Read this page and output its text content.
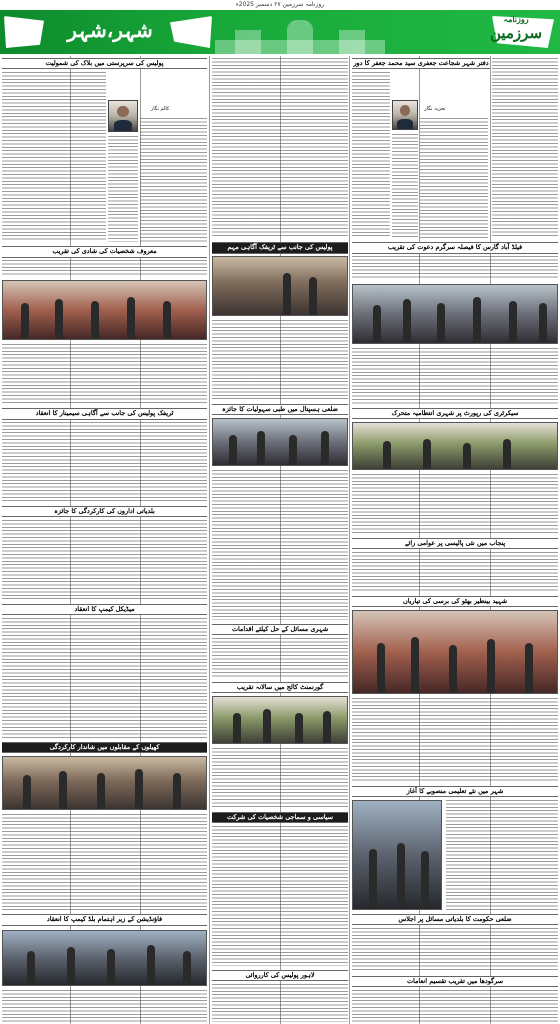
روزنامہ سرزمین ۲۷ دسمبر 2025ء
روزنامہ
سرزمین
شہر،شہر
دفتر شہر شجاعت جعفری سید محمد جعفر کا دور
تجزیہ نگار
فیلڈ آباد گارس کا فیصلہ سرگرم دعوت کی تقریب
سیکرٹری کی رپورٹ پر شہری انتظامیہ متحرک
پنجاب میں نئی پالیسی پر عوامی رائے
شہید بینظیر بھٹو کی برسی کی تیاریاں
شہر میں نئے تعلیمی منصوبے کا آغاز
ضلعی حکومت کا بلدیاتی مسائل پر اجلاس
سرگودھا میں تقریب تقسیم انعامات
پولیس کی جانب سے ٹریفک آگاہی مہم
ضلعی ہسپتال میں طبی سہولیات کا جائزہ
شہری مسائل کے حل کیلئے اقدامات
گورنمنٹ کالج میں سالانہ تقریب
سیاسی و سماجی شخصیات کی شرکت
لاہور پولیس کی کارروائی
پولیس کی سرپرستی میں بلاک کی شمولیت
کالم نگار
معروف شخصیات کی شادی کی تقریب
ٹریفک پولیس کی جانب سے آگاہی سیمینار کا انعقاد
بلدیاتی اداروں کی کارکردگی کا جائزہ
میڈیکل کیمپ کا انعقاد
کھیلوں کے مقابلوں میں شاندار کارکردگی
فاؤنڈیشن کے زیر اہتمام بلڈ کیمپ کا انعقاد
